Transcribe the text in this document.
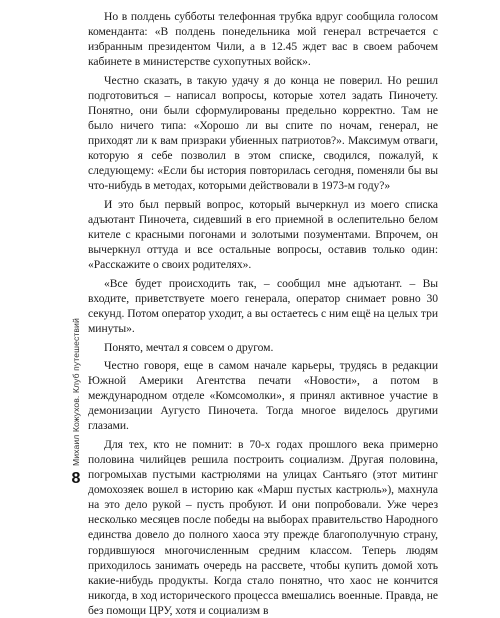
8
Михаил Кожухов. Клуб путешествий

Но в полдень субботы телефонная трубка вдруг сообщила голосом коменданта: «В полдень понедельника мой генерал встречается с избранным президентом Чили, а в 12.45 ждет вас в своем рабочем кабинете в министерстве сухопутных войск».

Честно сказать, в такую удачу я до конца не поверил. Но решил подготовиться – написал вопросы, которые хотел задать Пиночету. Понятно, они были сформулированы предельно корректно. Там не было ничего типа: «Хорошо ли вы спите по ночам, генерал, не приходят ли к вам призраки убиенных патриотов?». Максимум отваги, которую я себе позволил в этом списке, сводился, пожалуй, к следующему: «Если бы история повторилась сегодня, поменяли бы вы что-нибудь в методах, которыми действовали в 1973-м году?»

И это был первый вопрос, который вычеркнул из моего списка адъютант Пиночета, сидевший в его приемной в ослепительно белом кителе с красными погонами и золотыми позументами. Впрочем, он вычеркнул оттуда и все остальные вопросы, оставив только один: «Расскажите о своих родителях».

«Все будет происходить так, – сообщил мне адъютант. – Вы входите, приветствуете моего генерала, оператор снимает ровно 30 секунд. Потом оператор уходит, а вы остаетесь с ним ещё на целых три минуты».

Понято, мечтал я совсем о другом.

Честно говоря, еще в самом начале карьеры, трудясь в редакции Южной Америки Агентства печати «Новости», а потом в международном отделе «Комсомолки», я принял активное участие в демонизации Аугусто Пиночета. Тогда многое виделось другими глазами.

Для тех, кто не помнит: в 70-х годах прошлого века примерно половина чилийцев решила построить социализм. Другая половина, погромыхав пустыми кастрюлями на улицах Сантьяго (этот митинг домохозяек вошел в историю как «Марш пустых кастрюль»), махнула на это дело рукой – пусть пробуют. И они попробовали. Уже через несколько месяцев после победы на выборах правительство Народного единства довело до полного хаоса эту прежде благополучную страну, гордившуюся многочисленным средним классом. Теперь людям приходилось занимать очередь на рассвете, чтобы купить домой хоть какие-нибудь продукты. Когда стало понятно, что хаос не кончится никогда, в ход исторического процесса вмешались военные. Правда, не без помощи ЦРУ, хотя и социализм в
